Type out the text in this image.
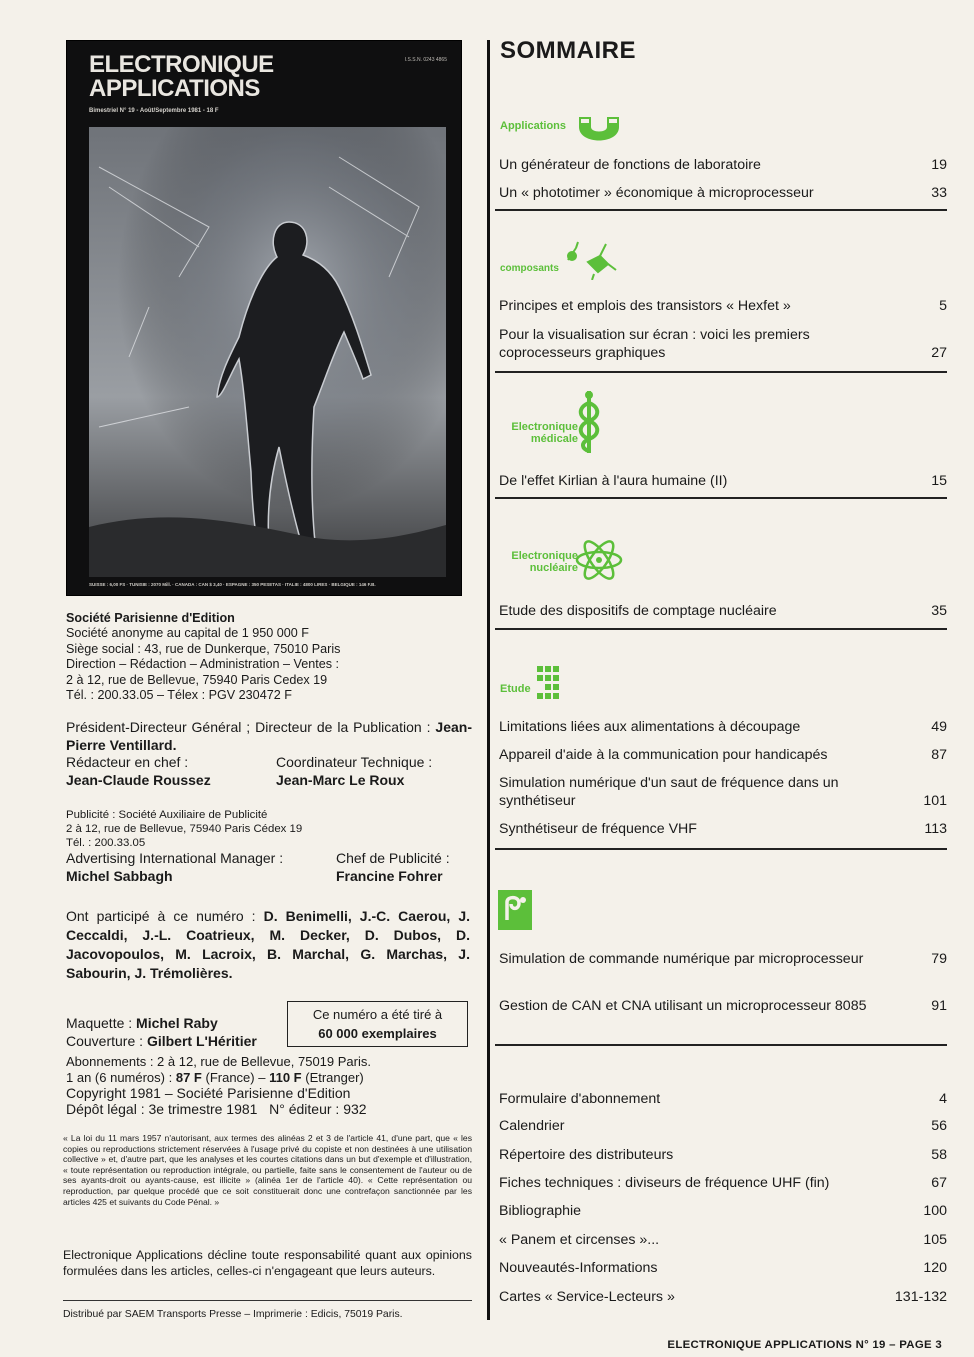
ELECTRONIQUE
APPLICATIONS
Bimestriel N° 19 - Août/Septembre 1981 - 18 F
I.S.S.N. 0243 4865
SUISSE : 6,00 FS · TUNISIE : 2070 Mill. · CANADA : CAN $ 3,40 · ESPAGNE : 350 PESETAS · ITALIE : 4800 LIRES · BELGIQUE : 146 F.B.
Société Parisienne d'Edition
Société anonyme au capital de 1 950 000 F
Siège social : 43, rue de Dunkerque, 75010 Paris
Direction – Rédaction – Administration – Ventes :
2 à 12, rue de Bellevue, 75940 Paris Cedex 19
Tél. : 200.33.05 – Télex : PGV 230472 F
Président-Directeur Général ; Directeur de la Publication : Jean-Pierre Ventillard.
Rédacteur en chef :	Coordinateur Technique :
Jean-Claude Roussez	Jean-Marc Le Roux
Publicité : Société Auxiliaire de Publicité
2 à 12, rue de Bellevue, 75940 Paris Cédex 19
Tél. : 200.33.05
Advertising International Manager :	Chef de Publicité :
Michel Sabbagh	Francine Fohrer
Ont participé à ce numéro : D. Benimelli, J.-C. Caerou, J. Ceccaldi, J.-L. Coatrieux, M. Decker, D. Dubos, D. Jacovopoulos, M. Lacroix, B. Marchal, G. Marchas, J. Sabourin, J. Trémolières.
Maquette : Michel Raby
Couverture : Gilbert L'Héritier
Ce numéro a été tiré à
60 000 exemplaires
Abonnements : 2 à 12, rue de Bellevue, 75019 Paris.
1 an (6 numéros) : 87 F (France) – 110 F (Etranger)
Copyright 1981 – Société Parisienne d'Edition
Dépôt légal : 3e trimestre 1981 N° éditeur : 932
« La loi du 11 mars 1957 n'autorisant, aux termes des alinéas 2 et 3 de l'article 41, d'une part, que « les copies ou reproductions strictement réservées à l'usage privé du copiste et non destinées à une utilisation collective » et, d'autre part, que les analyses et les courtes citations dans un but d'exemple et d'illustration, « toute représentation ou reproduction intégrale, ou partielle, faite sans le consentement de l'auteur ou de ses ayants-droit ou ayants-cause, est illicite » (alinéa 1er de l'article 40). « Cette représentation ou reproduction, par quelque procédé que ce soit constituerait donc une contrefaçon sanctionnée par les articles 425 et suivants du Code Pénal. »
Electronique Applications décline toute responsabilité quant aux opinions formulées dans les articles, celles-ci n'engageant que leurs auteurs.
Distribué par SAEM Transports Presse – Imprimerie : Edicis, 75019 Paris.
SOMMAIRE
Applications
Un générateur de fonctions de laboratoire	19
Un « phototimer » économique à microprocesseur	33
composants
Principes et emplois des transistors « Hexfet »	5
Pour la visualisation sur écran : voici les premiers coprocesseurs graphiques	27
Electronique médicale
De l'effet Kirlian à l'aura humaine (II)	15
Electronique nucléaire
Etude des dispositifs de comptage nucléaire	35
Etude
Limitations liées aux alimentations à découpage	49
Appareil d'aide à la communication pour handicapés	87
Simulation numérique d'un saut de fréquence dans un synthétiseur	101
Synthétiseur de fréquence VHF	113
Simulation de commande numérique par microprocesseur	79
Gestion de CAN et CNA utilisant un microprocesseur 8085	91
Formulaire d'abonnement	4
Calendrier	56
Répertoire des distributeurs	58
Fiches techniques : diviseurs de fréquence UHF (fin)	67
Bibliographie	100
« Panem et circenses »...	105
Nouveautés-Informations	120
Cartes « Service-Lecteurs »	131-132
ELECTRONIQUE APPLICATIONS N° 19 – PAGE 3
